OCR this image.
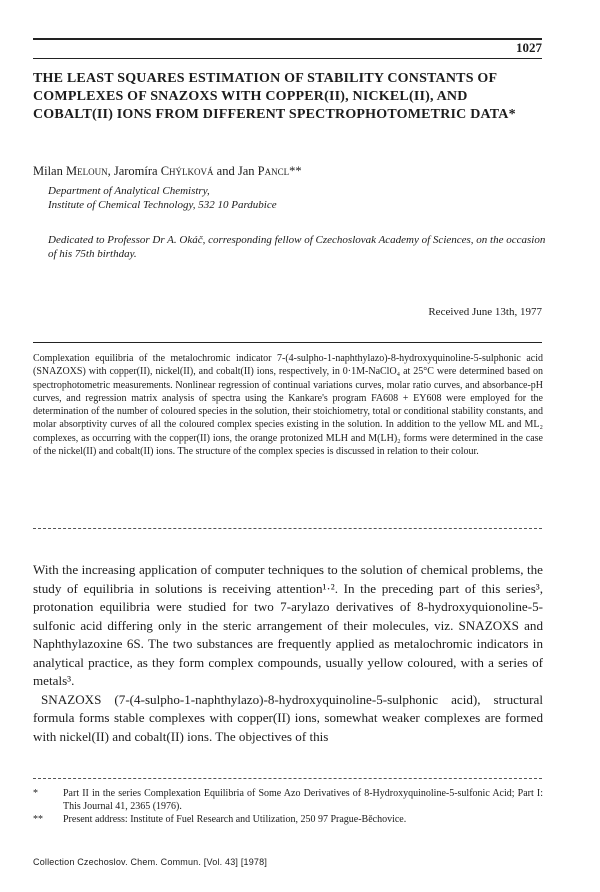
1027
THE LEAST SQUARES ESTIMATION OF STABILITY CONSTANTS OF COMPLEXES OF SNAZOXS WITH COPPER(II), NICKEL(II), AND COBALT(II) IONS FROM DIFFERENT SPECTROPHOTOMETRIC DATA*
Milan Meloun, Jaromíra Chýlková and Jan Pancl**
Department of Analytical Chemistry,
Institute of Chemical Technology, 532 10 Pardubice
Dedicated to Professor Dr A. Okáč, corresponding fellow of Czechoslovak Academy of Sciences, on the occasion of his 75th birthday.
Received June 13th, 1977
Complexation equilibria of the metalochromic indicator 7-(4-sulpho-1-naphthylazo)-8-hydroxyquinoline-5-sulphonic acid (SNAZOXS) with copper(II), nickel(II), and cobalt(II) ions, respectively, in 0·1M-NaClO₄ at 25°C were determined based on spectrophotometric measurements. Nonlinear regression of continual variations curves, molar ratio curves, and absorbance-pH curves, and regression matrix analysis of spectra using the Kankare's program FA608 + EY608 were employed for the determination of the number of coloured species in the solution, their stoichiometry, total or conditional stability constants, and molar absorptivity curves of all the coloured complex species existing in the solution. In addition to the yellow ML and ML₂ complexes, as occurring with the copper(II) ions, the orange protonized MLH and M(LH)₂ forms were determined in the case of the nickel(II) and cobalt(II) ions. The structure of the complex species is discussed in relation to their colour.

With the increasing application of computer techniques to the solution of chemical problems, the study of equilibria in solutions is receiving attention¹·². In the preceding part of this series³, protonation equilibria were studied for two 7-arylazo derivatives of 8-hydroxyquionoline-5-sulfonic acid differing only in the steric arrangement of their molecules, viz. SNAZOXS and Naphthylazoxine 6S. The two substances are frequently applied as metalochromic indicators in analytical practice, as they form complex compounds, usually yellow coloured, with a series of metals³.

SNAZOXS (7-(4-sulpho-1-naphthylazo)-8-hydroxyquinoline-5-sulphonic acid), structural formula forms stable complexes with copper(II) ions, somewhat weaker complexes are formed with nickel(II) and cobalt(II) ions. The objectives of this

*	Part II in the series Complexation Equilibria of Some Azo Derivatives of 8-Hydroxyquinoline-5-sulfonic Acid; Part I: This Journal 41, 2365 (1976).
**	Present address: Institute of Fuel Research and Utilization, 250 97 Prague-Běchovice.
Collection Czechoslov. Chem. Commun. [Vol. 43] [1978]
